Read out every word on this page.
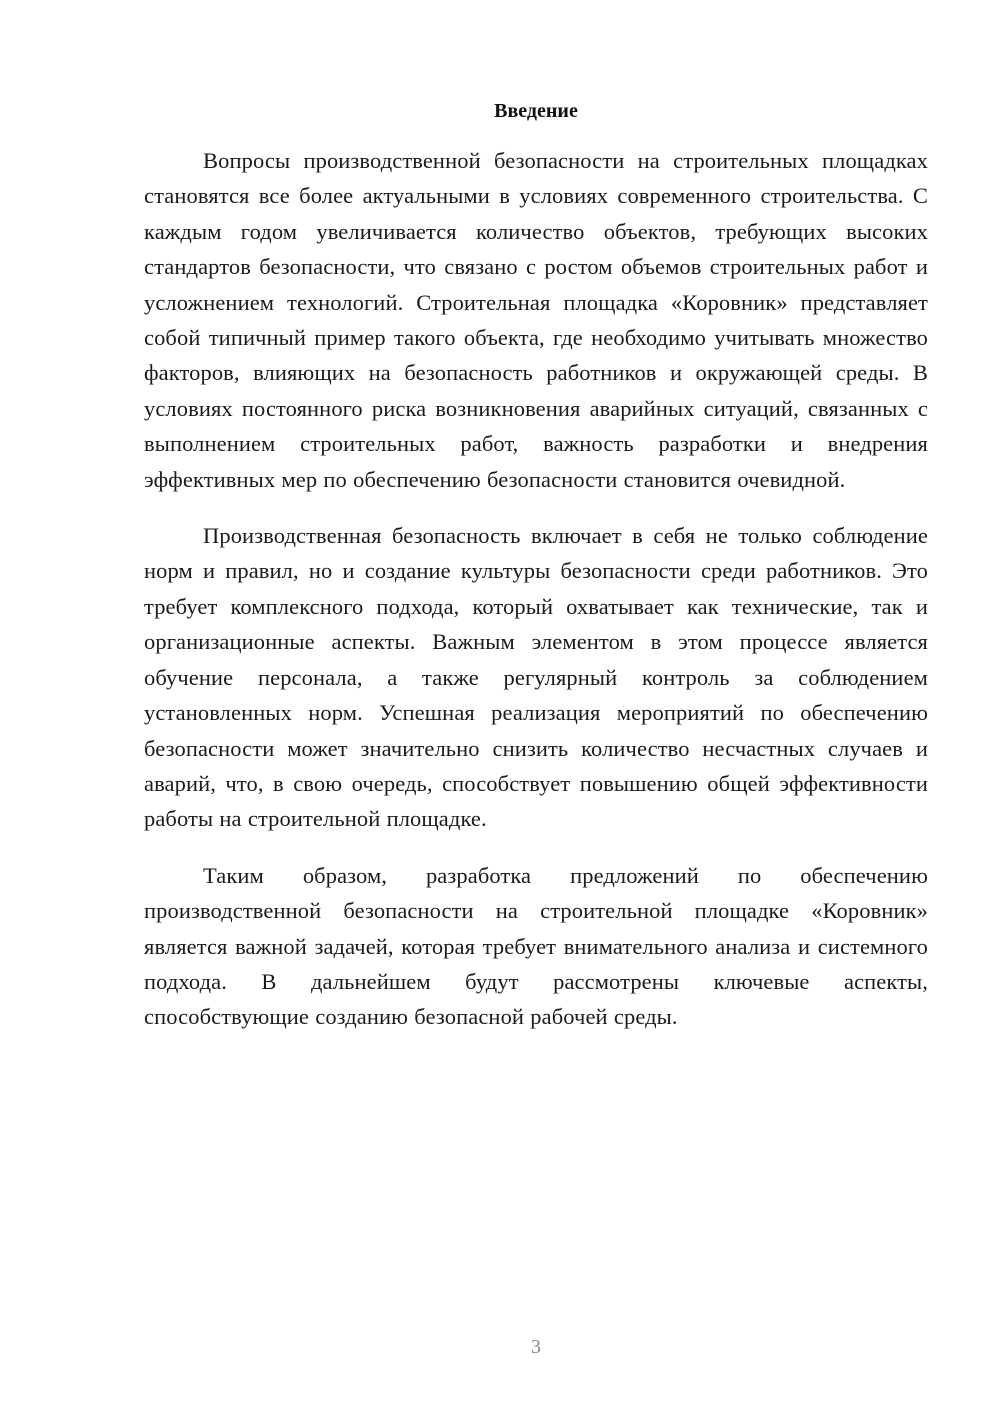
Введение

Вопросы производственной безопасности на строительных площадках становятся все более актуальными в условиях современного строительства. С каждым годом увеличивается количество объектов, требующих высоких стандартов безопасности, что связано с ростом объемов строительных работ и усложнением технологий. Строительная площадка «Коровник» представляет собой типичный пример такого объекта, где необходимо учитывать множество факторов, влияющих на безопасность работников и окружающей среды. В условиях постоянного риска возникновения аварийных ситуаций, связанных с выполнением строительных работ, важность разработки и внедрения эффективных мер по обеспечению безопасности становится очевидной.

Производственная безопасность включает в себя не только соблюдение норм и правил, но и создание культуры безопасности среди работников. Это требует комплексного подхода, который охватывает как технические, так и организационные аспекты. Важным элементом в этом процессе является обучение персонала, а также регулярный контроль за соблюдением установленных норм. Успешная реализация мероприятий по обеспечению безопасности может значительно снизить количество несчастных случаев и аварий, что, в свою очередь, способствует повышению общей эффективности работы на строительной площадке.

Таким образом, разработка предложений по обеспечению производственной безопасности на строительной площадке «Коровник» является важной задачей, которая требует внимательного анализа и системного подхода. В дальнейшем будут рассмотрены ключевые аспекты, способствующие созданию безопасной рабочей среды.

3
